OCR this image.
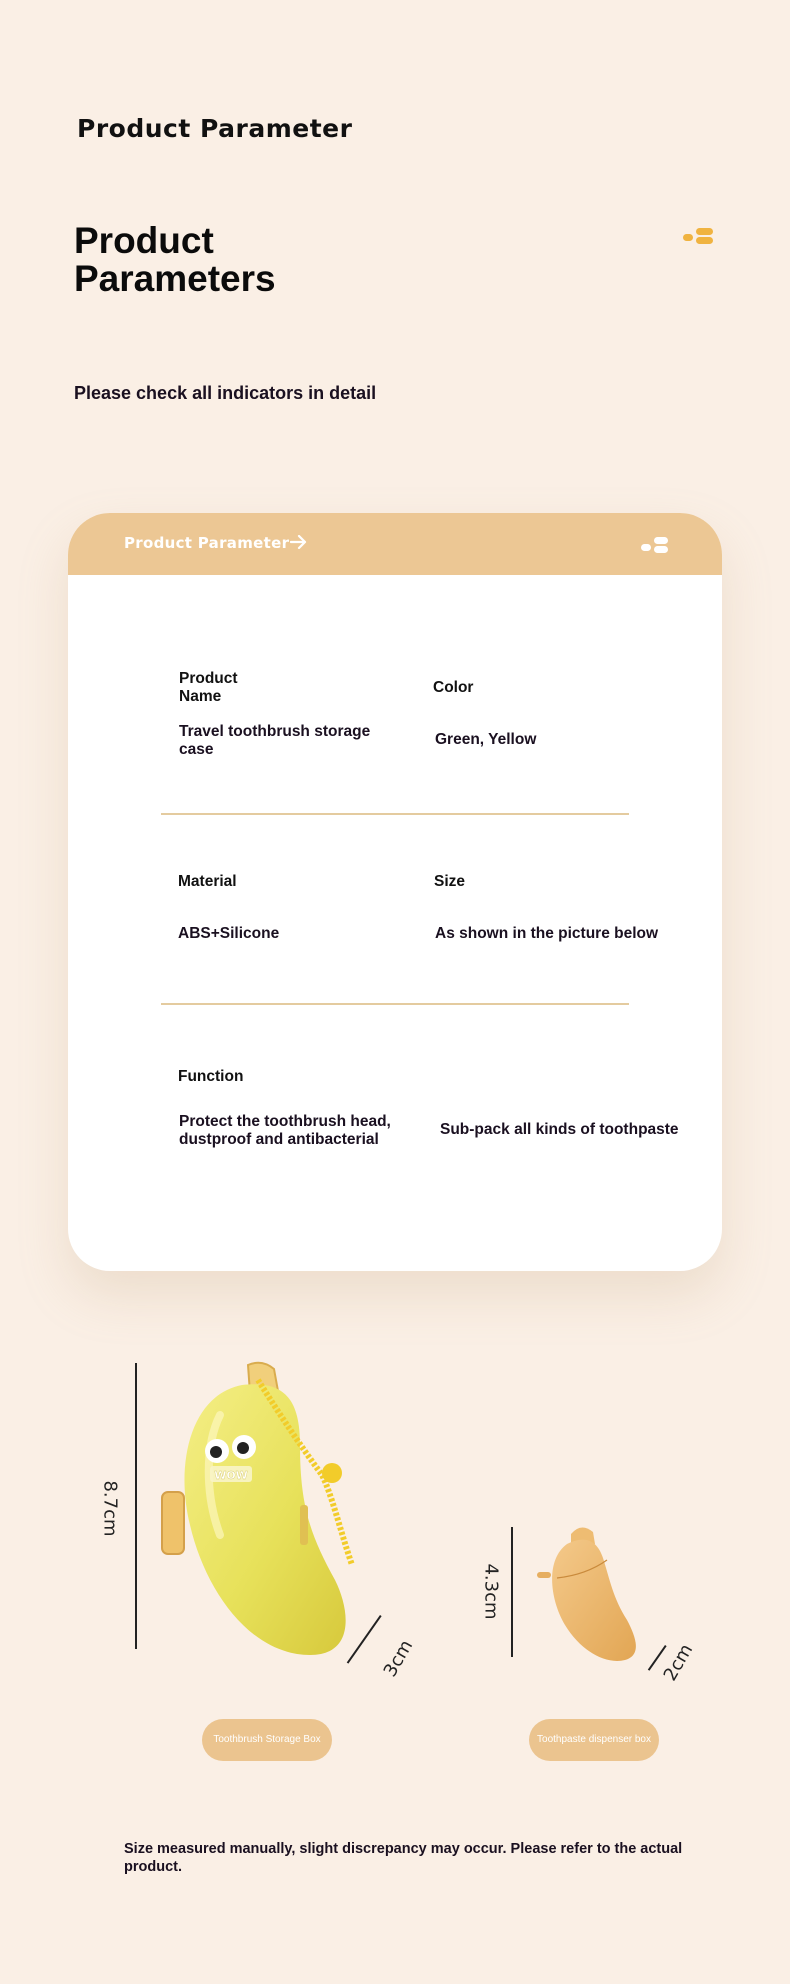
Product Parameter
Product Parameters
Please check all indicators in detail
Product Parameter
Product Name
Travel toothbrush storage case
Color
Green, Yellow
Material
ABS+Silicone
Size
As shown in the picture below
Function
Protect the toothbrush head, dustproof and antibacterial
Sub-pack all kinds of toothpaste
8.7cm
WOW
3cm
Toothbrush Storage Box
4.3cm
2cm
Toothpaste dispenser box
Size measured manually, slight discrepancy may occur. Please refer to the actual product.
